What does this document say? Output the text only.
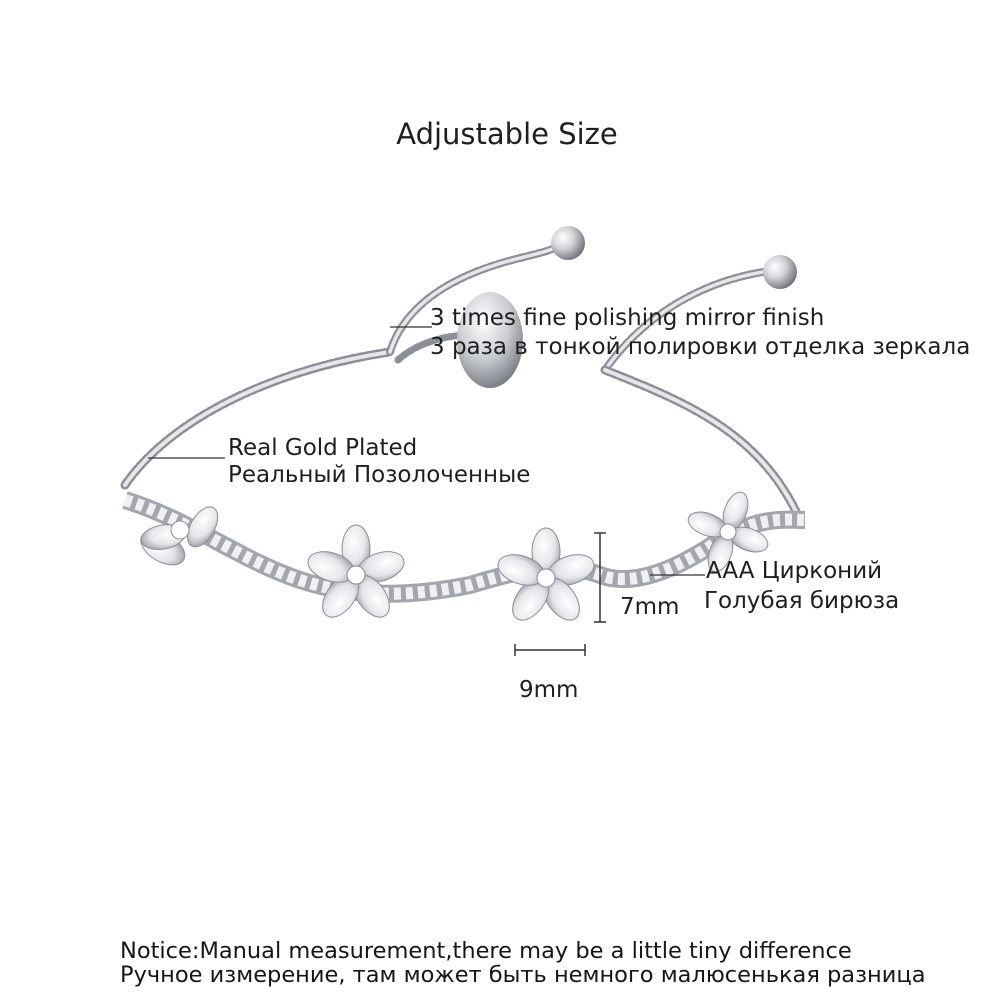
Adjustable Size
3 times fine polishing mirror finish
3 раза в тонкой полировки отделка зеркала
Real Gold Plated
Реальный Позолоченные
AAA Цирконий
Голубая бирюза
7mm
9mm
Notice:Manual measurement,there may be a little tiny difference
Ручное измерение, там может быть немного малюсенькая разница
